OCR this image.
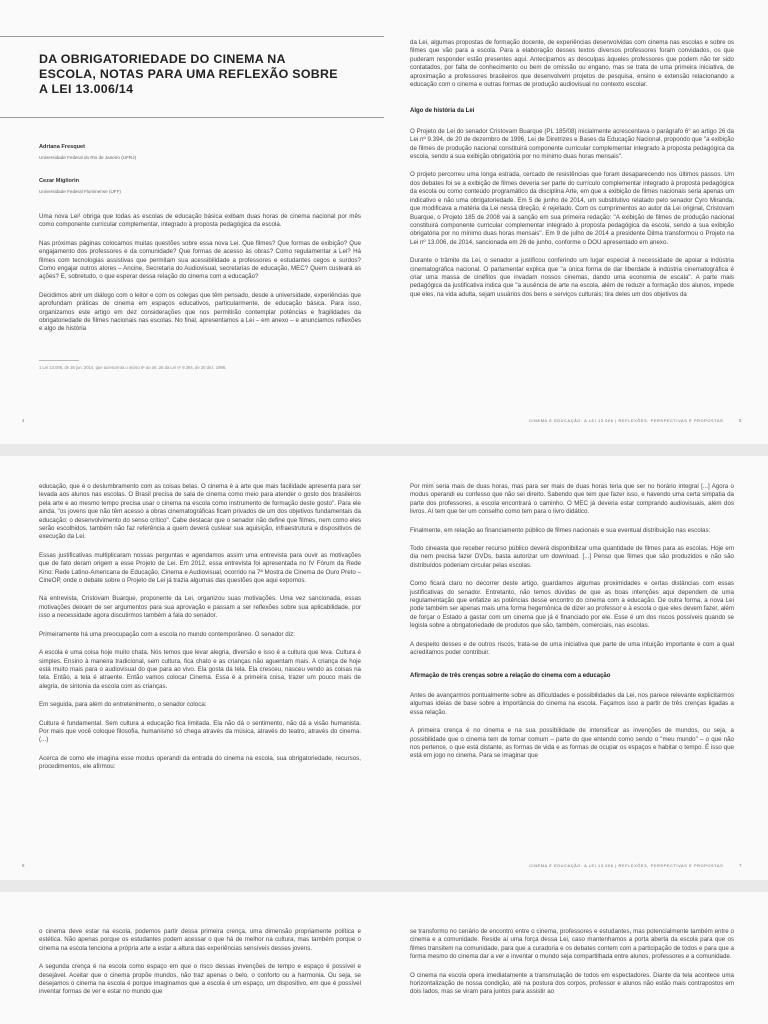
DA OBRIGATORIEDADE DO CINEMA NA ESCOLA, NOTAS PARA UMA REFLEXÃO SOBRE A LEI 13.006/14

Adriana Fresquet

Universidade Federal do Rio de Janeiro (UFRJ)

Cezar Migliorin

Universidade Federal Fluminense (UFF)

Uma nova Lei¹ obriga que todas as escolas de educação básica exibam duas horas de cinema nacional por mês como componente curricular complementar, integrado à proposta pedagógica da escola.

Nas próximas páginas colocamos muitas questões sobre essa nova Lei. Que filmes? Que formas de exibição? Que engajamento dos professores e da comunidade? Que formas de acesso às obras? Como regulamentar a Lei? Há filmes com tecnologias assistivas que permitam sua acessibilidade a professores e estudantes cegos e surdos? Como engajar outros atores – Ancine, Secretaria do Audiovisual, secretarias de educação, MEC? Quem custeará as ações? E, sobretudo, o que esperar dessa relação do cinema com a educação?

Decidimos abrir um diálogo com o leitor e com os colegas que têm pensado, desde a universidade, experiências que aprofundam práticas de cinema em espaços educativos, particularmente, de educação básica. Para isso, organizamos este artigo em dez considerações que nos permitirão contemplar potências e fragilidades da obrigatoriedade de filmes nacionais nas escolas. No final, apresentamos a Lei – em anexo – e anunciamos reflexões e algo de história

1 Lei 13.006, de 26 jun. 2014, que acrescenta o inciso 8º ao art. 26 da Lei nº 9.394, de 20 dez. 1996.
4

da Lei, algumas propostas de formação docente, de experiências desenvolvidas com cinema nas escolas e sobre os filmes que vão para a escola. Para a elaboração desses textos diversos professores foram convidados, os que puderam responder estão presentes aqui. Antecipamos as desculpas àqueles professores que podem não ter sido contatados, por falta de conhecimento ou bem de omissão ou engano, mas se trata de uma primeira iniciativa, de aproximação a professores brasileiros que desenvolvem projetos de pesquisa, ensino e extensão relacionando a educação com o cinema e outras formas de produção audiovisual no contexto escolar.

Algo de história da Lei

O Projeto de Lei do senador Cristovam Buarque (PL 185/08) inicialmente acrescentava o parágrafo 6° ao artigo 26 da Lei nº 9.394, de 20 de dezembro de 1996, Lei de Diretrizes e Bases da Educação Nacional, propondo que "a exibição de filmes de produção nacional constituirá componente curricular complementar integrado à proposta pedagógica da escola, sendo a sua exibição obrigatória por no mínimo duas horas mensais".

O projeto percorreu uma longa estrada, cercado de resistências que foram desaparecendo nos últimos passos. Um dos debates foi se a exibição de filmes deveria ser parte do currículo complementar integrado à proposta pedagógica da escola ou como conteúdo programático da disciplina Arte, em que a exibição de filmes nacionais seria apenas um indicativo e não uma obrigatoriedade. Em 5 de junho de 2014, um substitutivo relatado pelo senador Cyro Miranda, que modificava a matéria da Lei nessa direção, é rejeitado. Com os cumprimentos ao autor da Lei original, Cristovam Buarque, o Projeto 185 de 2008 vai à sanção em sua primeira redação: "A exibição de filmes de produção nacional constituirá componente curricular complementar integrado à proposta pedagógica da escola, sendo a sua exibição obrigatória por no mínimo duas horas mensais". Em 9 de julho de 2014 a presidente Dilma transformou o Projeto na Lei nº 13.006, de 2014, sancionada em 26 de junho, conforme o DOU apresentado em anexo.

Durante o trâmite da Lei, o senador a justificou conferindo um lugar especial à necessidade de apoiar a indústria cinematográfica nacional. O parlamentar explica que "a única forma de dar liberdade à indústria cinematográfica é criar uma massa de cinéfilos que invadam nossos cinemas, dando uma economia de escala". A parte mais pedagógica da justificativa indica que "a ausência de arte na escola, além de reduzir a formação dos alunos, impede que eles, na vida adulta, sejam usuários dos bens e serviços culturais; tira deles um dos objetivos da

CINEMA E EDUCAÇÃO: A LEI 13.006 | REFLEXÕES, PERSPECTIVAS E PROPOSTAS	5

educação, que é o deslumbramento com as coisas belas. O cinema é a arte que mais facilidade apresenta para ser levada aos alunos nas escolas. O Brasil precisa de sala de cinema como meio para atender o gosto dos brasileiros pela arte e ao mesmo tempo precisa usar o cinema na escola como instrumento de formação deste gosto". Para ele ainda, "os jovens que não têm acesso a obras cinematográficas ficam privados de um dos objetivos fundamentais da educação: o desenvolvimento do senso crítico". Cabe destacar que o senador não define que filmes, nem como eles serão escolhidos, também não faz referência a quem deverá custear sua aquisição, infraestrutura e dispositivos de execução da Lei.

Essas justificativas multiplicaram nossas perguntas e agendamos assim uma entrevista para ouvir as motivações que de fato deram origem a esse Projeto de Lei. Em 2012, essa entrevista foi apresentada no IV Fórum da Rede Kino: Rede Latino-Americana de Educação, Cinema e Audiovisual, ocorrido na 7ª Mostra de Cinema de Ouro Preto – CineOP, onde o debate sobre o Projeto de Lei já trazia algumas das questões que aqui expomos.

Na entrevista, Cristovam Buarque, proponente da Lei, organizou suas motivações. Uma vez sancionada, essas motivações deixam de ser argumentos para sua aprovação e passam a ser reflexões sobre sua aplicabilidade, por isso a necessidade agora discutirmos também a fala do senador.

Primeiramente há uma preocupação com a escola no mundo contemporâneo. O senador diz:

A escola é uma coisa hoje muito chata. Nós temos que levar alegria, diversão e isso é a cultura que leva. Cultura é simples. Ensino à maneira tradicional, sem cultura, fica chato e as crianças não aguentam mais. A criança de hoje está muito mais para o audiovisual do que para ao vivo. Ela gosta da tela. Ela cresceu, nasceu vendo as coisas na tela. Então, a tela é atraente. Então vamos colocar Cinema. Essa é a primeira coisa, trazer um pouco mais de alegria, de sintonia da escola com as crianças.

Em seguida, para além do entretenimento, o senador coloca:

Cultura é fundamental. Sem cultura a educação fica limitada. Ela não dá o sentimento, não dá a visão humanista. Por mais que você coloque filosofia, humanismo só chega através da música, através do teatro, através do cinema. (...)

Acerca de como ele imagina esse modus operandi da entrada do cinema na escola, sua obrigatoriedade, recursos, procedimentos, ele afirmou:

6

Por mim seria mais de duas horas, mas para ser mais de duas horas teria que ser no horário integral [...] Agora o modus operandi eu confesso que não sei direito. Sabendo que tem que fazer isso, e havendo uma certa simpatia da parte dos professores, a escola encontrará o caminho. O MEC já deveria estar comprando audiovisuais, além dos livros. Aí tem que ter um conselho como tem para o livro didático.

Finalmente, em relação ao financiamento público de filmes nacionais e sua eventual distribuição nas escolas:

Todo cineasta que receber recurso público deverá disponibilizar uma quantidade de filmes para as escolas. Hoje em dia nem precisa fazer DVDs, basta autorizar um download. [...] Penso que filmes que são produzidos e não são distribuídos poderiam circular pelas escolas.

Como ficará claro no decorrer deste artigo, guardamos algumas proximidades e certas distâncias com essas justificativas do senador. Entretanto, não temos dúvidas de que as boas intenções aqui dependem de uma regulamentação que enfatize as potências desse encontro do cinema com a educação. De outra forma, a nova Lei pode também ser apenas mais uma forma hegemônica de dizer ao professor e à escola o que eles devem fazer, além de forçar o Estado a gastar com um cinema que já é financiado por ele. Esse é um dos riscos possíveis quando se legisla sobre a obrigatoriedade de produtos que são, também, comerciais, nas escolas.

A despeito desses e de outros riscos, trata-se de uma iniciativa que parte de uma intuição importante e com a qual acreditamos poder contribuir.

Afirmação de três crenças sobre a relação do cinema com a educação

Antes de avançarmos pontualmente sobre as dificuldades e possibilidades da Lei, nos parece relevante explicitarmos algumas ideias de base sobre a importância do cinema na escola. Façamos isso a partir de três crenças ligadas a essa relação.

A primeira crença é no cinema e na sua possibilidade de intensificar as invenções de mundos, ou seja, a possibilidade que o cinema tem de tornar comum – parte do que entendo como sendo o "meu mundo" – o que não nos pertence, o que está distante, as formas de vida e as formas de ocupar os espaços e habitar o tempo. É isso que está em jogo no cinema. Para se imaginar que

CINEMA E EDUCAÇÃO: A LEI 13.006 | REFLEXÕES, PERSPECTIVAS E PROPOSTAS	7

o cinema deve estar na escola, podemos partir dessa primeira crença, uma dimensão propriamente política e estética. Não apenas porque os estudantes podem acessar o que há de melhor na cultura, mas também porque o cinema na escola tenciona a própria arte a estar a altura das experiências sensíveis desses jovens.

A segunda crença é na escola como espaço em que o risco dessas invenções de tempo e espaço é possível e desejável. Aceitar que o cinema propõe mundos, não traz apenas o belo, o conforto ou a harmonia. Ou seja, se desejamos o cinema na escola é porque imaginamos que a escola é um espaço, um dispositivo, em que é possível inventar formas de ver e estar no mundo que

se transformo no cenário de encontro entre o cinema, professores e estudantes, mas potencialmente também entre o cinema e a comunidade. Reside aí uma força dessa Lei, caso mantenhamos a porta aberta da escola para que os filmes transitem na comunidade, para que a curadoria e os debates contem com a participação de todos e para que a forma mesmo do cinema dar a ver e inventar o mundo seja compartilhada entre alunos, professores e a comunidade.

O cinema na escola opera imediatamente a transmutação de todos em espectadores. Diante da tela acontece uma horizontalização de nossa condição, até na postura dos corpos, professor e alunos não estão mais contrapostos em dois lados, mas se viram para juntos para assistir ao
